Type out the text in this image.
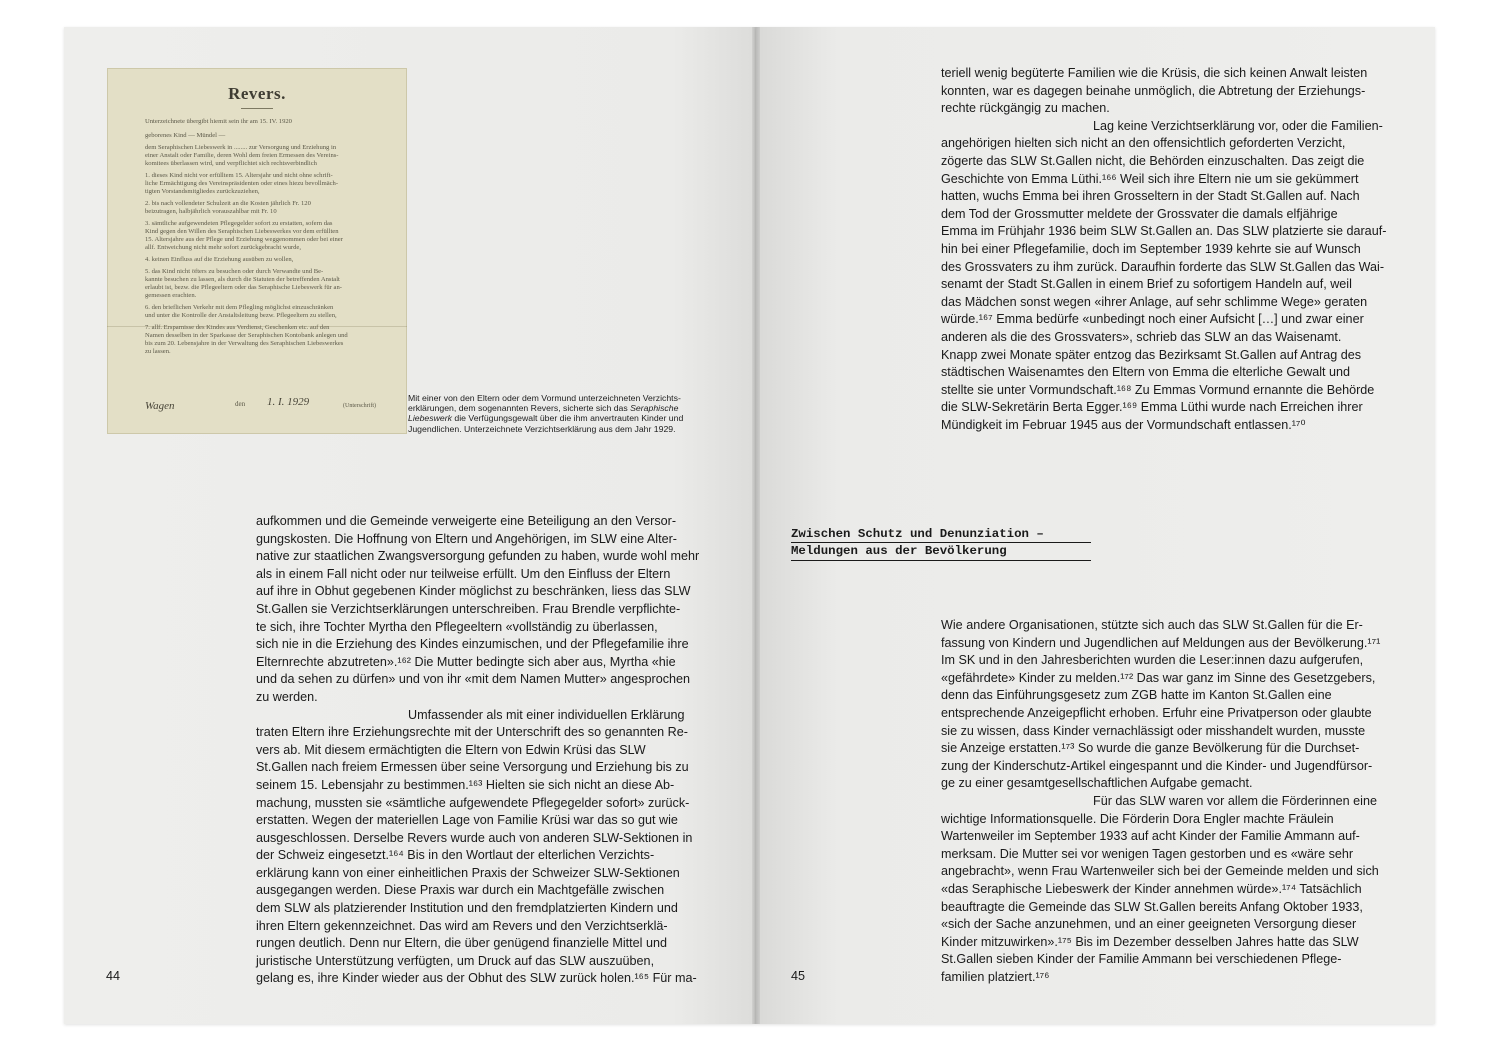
Revers.
Unterzeichnete übergibt hiemit sein ihr am 15. IV. 1920
geborenes Kind — Mündel —
dem Seraphischen Liebeswerk in ........ zur Versorgung und Erziehung in
einer Anstalt oder Familie, deren Wohl dem freien Ermessen des Vereins-
komitees überlassen wird, und verpflichtet sich rechtsverbindlich
1. dieses Kind nicht vor erfülltem 15. Altersjahr und nicht ohne schrift-
liche Ermächtigung des Vereinspräsidenten oder eines hiezu bevollmäch-
tigten Vorstandsmitgliedes zurückzuziehen,
2. bis nach vollendeter Schulzeit an die Kosten jährlich Fr. 120
beizutragen, halbjährlich vorauszahlbar mit Fr. 10
3. sämtliche aufgewendeten Pflegegelder sofort zu erstatten, sofern das
Kind gegen den Willen des Seraphischen Liebeswerkes vor dem erfüllten
15. Altersjahre aus der Pflege und Erziehung weggenommen oder bei einer
allf. Entweichung nicht mehr sofort zurückgebracht wurde,
4. keinen Einfluss auf die Erziehung ausüben zu wollen,
5. das Kind nicht öfters zu besuchen oder durch Verwandte und Be-
kannte besuchen zu lassen, als durch die Statuten der betreffenden Anstalt
erlaubt ist, bezw. die Pflegeeltern oder das Seraphische Liebeswerk für an-
gemessen erachten.
6. den brieflichen Verkehr mit dem Pflegling möglichst einzuschränken
und unter die Kontrolle der Anstaltsleitung bezw. Pflegeeltern zu stellen,
7. allf. Ersparnisse des Kindes aus Verdienst, Geschenken etc. auf den
Namen desselben in der Sparkasse der Seraphischen Kontobank anlegen und
bis zum 20. Lebensjahre in der Verwaltung des Seraphischen Liebeswerkes
zu lassen.
Wagen	den 1. I. 1929	(Unterschrift)
Mit einer von den Eltern oder dem Vormund unterzeichneten Verzichts-erklärungen, dem sogenannten Revers, sicherte sich das Seraphische Liebeswerk die Verfügungsgewalt über die ihm anvertrauten Kinder und Jugendlichen. Unterzeichnete Verzichtserklärung aus dem Jahr 1929.
aufkommen und die Gemeinde verweigerte eine Beteiligung an den Versor-
gungskosten. Die Hoffnung von Eltern und Angehörigen, im SLW eine Alter-
native zur staatlichen Zwangsversorgung gefunden zu haben, wurde wohl mehr
als in einem Fall nicht oder nur teilweise erfüllt. Um den Einfluss der Eltern
auf ihre in Obhut gegebenen Kinder möglichst zu beschränken, liess das SLW
St.Gallen sie Verzichtserklärungen unterschreiben. Frau Brendle verpflichte-
te sich, ihre Tochter Myrtha den Pflegeeltern «vollständig zu überlassen,
sich nie in die Erziehung des Kindes einzumischen, und der Pflegefamilie ihre
Elternrechte abzutreten».¹⁶² Die Mutter bedingte sich aber aus, Myrtha «hie
und da sehen zu dürfen» und von ihr «mit dem Namen Mutter» angesprochen
zu werden.
Umfassender als mit einer individuellen Erklärung
traten Eltern ihre Erziehungsrechte mit der Unterschrift des so genannten Re-
vers ab. Mit diesem ermächtigten die Eltern von Edwin Krüsi das SLW
St.Gallen nach freiem Ermessen über seine Versorgung und Erziehung bis zu
seinem 15. Lebensjahr zu bestimmen.¹⁶³ Hielten sie sich nicht an diese Ab-
machung, mussten sie «sämtliche aufgewendete Pflegegelder sofort» zurück-
erstatten. Wegen der materiellen Lage von Familie Krüsi war das so gut wie
ausgeschlossen. Derselbe Revers wurde auch von anderen SLW-Sektionen in
der Schweiz eingesetzt.¹⁶⁴ Bis in den Wortlaut der elterlichen Verzichts-
erklärung kann von einer einheitlichen Praxis der Schweizer SLW-Sektionen
ausgegangen werden. Diese Praxis war durch ein Machtgefälle zwischen
dem SLW als platzierender Institution und den fremdplatzierten Kindern und
ihren Eltern gekennzeichnet. Das wird am Revers und den Verzichtserklä-
rungen deutlich. Denn nur Eltern, die über genügend finanzielle Mittel und
juristische Unterstützung verfügten, um Druck auf das SLW auszuüben,
gelang es, ihre Kinder wieder aus der Obhut des SLW zurück holen.¹⁶⁵ Für ma-
teriell wenig begüterte Familien wie die Krüsis, die sich keinen Anwalt leisten
konnten, war es dagegen beinahe unmöglich, die Abtretung der Erziehungs-
rechte rückgängig zu machen.
Lag keine Verzichtserklärung vor, oder die Familien-
angehörigen hielten sich nicht an den offensichtlich geforderten Verzicht,
zögerte das SLW St.Gallen nicht, die Behörden einzuschalten. Das zeigt die
Geschichte von Emma Lüthi.¹⁶⁶ Weil sich ihre Eltern nie um sie gekümmert
hatten, wuchs Emma bei ihren Grosseltern in der Stadt St.Gallen auf. Nach
dem Tod der Grossmutter meldete der Grossvater die damals elfjährige
Emma im Frühjahr 1936 beim SLW St.Gallen an. Das SLW platzierte sie darauf-
hin bei einer Pflegefamilie, doch im September 1939 kehrte sie auf Wunsch
des Grossvaters zu ihm zurück. Daraufhin forderte das SLW St.Gallen das Wai-
senamt der Stadt St.Gallen in einem Brief zu sofortigem Handeln auf, weil
das Mädchen sonst wegen «ihrer Anlage, auf sehr schlimme Wege» geraten
würde.¹⁶⁷ Emma bedürfe «unbedingt noch einer Aufsicht […] und zwar einer
anderen als die des Grossvaters», schrieb das SLW an das Waisenamt.
Knapp zwei Monate später entzog das Bezirksamt St.Gallen auf Antrag des
städtischen Waisenamtes den Eltern von Emma die elterliche Gewalt und
stellte sie unter Vormundschaft.¹⁶⁸ Zu Emmas Vormund ernannte die Behörde
die SLW-Sekretärin Berta Egger.¹⁶⁹ Emma Lüthi wurde nach Erreichen ihrer
Mündigkeit im Februar 1945 aus der Vormundschaft entlassen.¹⁷⁰
Zwischen Schutz und Denunziation –
Meldungen aus der Bevölkerung
Wie andere Organisationen, stützte sich auch das SLW St.Gallen für die Er-
fassung von Kindern und Jugendlichen auf Meldungen aus der Bevölkerung.¹⁷¹
Im SK und in den Jahresberichten wurden die Leser:innen dazu aufgerufen,
«gefährdete» Kinder zu melden.¹⁷² Das war ganz im Sinne des Gesetzgebers,
denn das Einführungsgesetz zum ZGB hatte im Kanton St.Gallen eine
entsprechende Anzeigepflicht erhoben. Erfuhr eine Privatperson oder glaubte
sie zu wissen, dass Kinder vernachlässigt oder misshandelt wurden, musste
sie Anzeige erstatten.¹⁷³ So wurde die ganze Bevölkerung für die Durchset-
zung der Kinderschutz-Artikel eingespannt und die Kinder- und Jugendfürsor-
ge zu einer gesamtgesellschaftlichen Aufgabe gemacht.
Für das SLW waren vor allem die Förderinnen eine
wichtige Informationsquelle. Die Förderin Dora Engler machte Fräulein
Wartenweiler im September 1933 auf acht Kinder der Familie Ammann auf-
merksam. Die Mutter sei vor wenigen Tagen gestorben und es «wäre sehr
angebracht», wenn Frau Wartenweiler sich bei der Gemeinde melden und sich
«das Seraphische Liebeswerk der Kinder annehmen würde».¹⁷⁴ Tatsächlich
beauftragte die Gemeinde das SLW St.Gallen bereits Anfang Oktober 1933,
«sich der Sache anzunehmen, und an einer geeigneten Versorgung dieser
Kinder mitzuwirken».¹⁷⁵ Bis im Dezember desselben Jahres hatte das SLW
St.Gallen sieben Kinder der Familie Ammann bei verschiedenen Pflege-
familien platziert.¹⁷⁶
44	45
